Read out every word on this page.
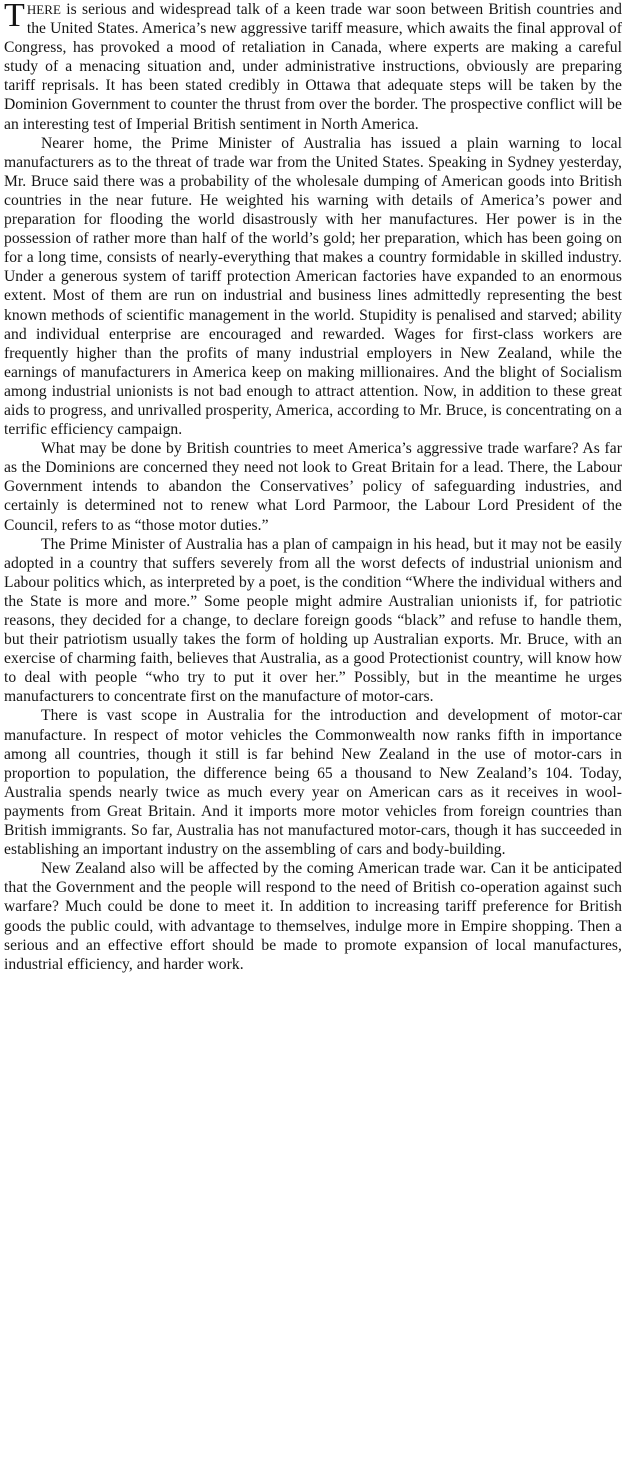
THERE is serious and widespread talk of a keen trade war soon between British countries and the United States. America’s new aggressive tariff measure, which awaits the final approval of Congress, has provoked a mood of retaliation in Canada, where experts are making a careful study of a menacing situation and, under administrative instructions, obviously are preparing tariff reprisals. It has been stated credibly in Ottawa that adequate steps will be taken by the Dominion Government to counter the thrust from over the border. The prospective conflict will be an interesting test of Imperial British sentiment in North America.

Nearer home, the Prime Minister of Australia has issued a plain warning to local manufacturers as to the threat of trade war from the United States. Speaking in Sydney yesterday, Mr. Bruce said there was a probability of the wholesale dumping of American goods into British countries in the near future. He weighted his warning with details of America’s power and preparation for flooding the world disastrously with her manufactures. Her power is in the possession of rather more than half of the world’s gold; her preparation, which has been going on for a long time, consists of nearly-everything that makes a country formidable in skilled industry. Under a generous system of tariff protection American factories have expanded to an enormous extent. Most of them are run on industrial and business lines admittedly representing the best known methods of scientific management in the world. Stupidity is penalised and starved; ability and individual enterprise are encouraged and rewarded. Wages for first-class workers are frequently higher than the profits of many industrial employers in New Zealand, while the earnings of manufacturers in America keep on making millionaires. And the blight of Socialism among industrial unionists is not bad enough to attract attention. Now, in addition to these great aids to progress, and unrivalled prosperity, America, according to Mr. Bruce, is concentrating on a terrific efficiency campaign.

What may be done by British countries to meet America’s aggressive trade warfare? As far as the Dominions are concerned they need not look to Great Britain for a lead. There, the Labour Government intends to abandon the Conservatives’ policy of safeguarding industries, and certainly is determined not to renew what Lord Parmoor, the Labour Lord President of the Council, refers to as “those motor duties.”

The Prime Minister of Australia has a plan of campaign in his head, but it may not be easily adopted in a country that suffers severely from all the worst defects of industrial unionism and Labour politics which, as interpreted by a poet, is the condition “Where the individual withers and the State is more and more.” Some people might admire Australian unionists if, for patriotic reasons, they decided for a change, to declare foreign goods “black” and refuse to handle them, but their patriotism usually takes the form of holding up Australian exports. Mr. Bruce, with an exercise of charming faith, believes that Australia, as a good Protectionist country, will know how to deal with people “who try to put it over her.” Possibly, but in the meantime he urges manufacturers to concentrate first on the manufacture of motor-cars.

There is vast scope in Australia for the introduction and development of motor-car manufacture. In respect of motor vehicles the Commonwealth now ranks fifth in importance among all countries, though it still is far behind New Zealand in the use of motor-cars in proportion to population, the difference being 65 a thousand to New Zealand’s 104. Today, Australia spends nearly twice as much every year on American cars as it receives in wool-payments from Great Britain. And it imports more motor vehicles from foreign countries than British immigrants. So far, Australia has not manufactured motor-cars, though it has succeeded in establishing an important industry on the assembling of cars and body-building.

New Zealand also will be affected by the coming American trade war. Can it be anticipated that the Government and the people will respond to the need of British co-operation against such warfare? Much could be done to meet it. In addition to increasing tariff preference for British goods the public could, with advantage to themselves, indulge more in Empire shopping. Then a serious and an effective effort should be made to promote expansion of local manufactures, industrial efficiency, and harder work.
